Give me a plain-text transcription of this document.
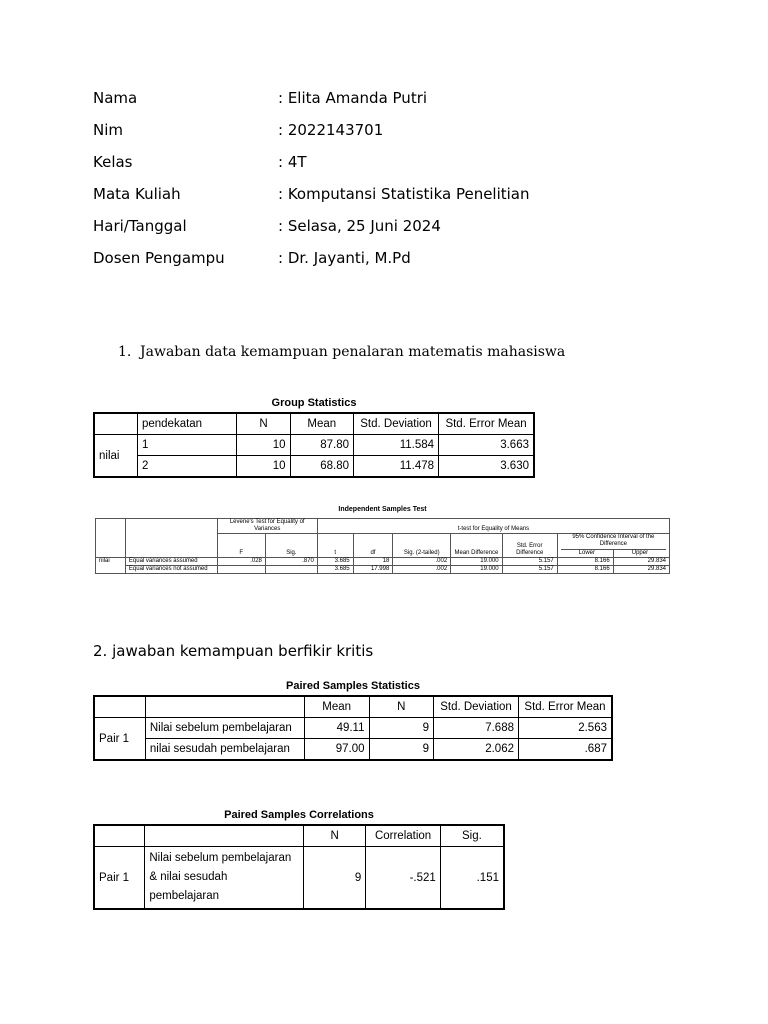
Nama	: Elita Amanda Putri
Nim	: 2022143701
Kelas	: 4T
Mata Kuliah	: Komputansi Statistika Penelitian
Hari/Tanggal	: Selasa, 25 Juni 2024
Dosen Pengampu	: Dr. Jayanti, M.Pd
1. Jawaban data kemampuan penalaran matematis mahasiswa
Group Statistics
	pendekatan	N	Mean	Std. Deviation	Std. Error Mean
nilai	1	10	87.80	11.584	3.663
	2	10	68.80	11.478	3.630
Independent Samples Test
		Levene's Test for Equality of Variances		t-test for Equality of Means						
		F	Sig.	t	df	Sig. (2-tailed)	Mean Difference	Std. Error Difference	95% Confidence Interval of the Difference
Lower Upper	

nilai	Equal variances assumed	.028	.870	3.685	18	.002	19.000	5.157	8.166	29.834
	Equal variances not assumed			3.685	17.998	.002	19.000	5.157	8.166	29.834
2. jawaban kemampuan berfikir kritis
Paired Samples Statistics
		Mean	N	Std. Deviation	Std. Error Mean
Pair 1	Nilai sebelum pembelajaran	49.11	9	7.688	2.563
	nilai sesudah pembelajaran	97.00	9	2.062	.687
Paired Samples Correlations
		N	Correlation	Sig.
Pair 1	Nilai sebelum pembelajaran
& nilai sesudah
pembelajaran	9	-.521	.151
